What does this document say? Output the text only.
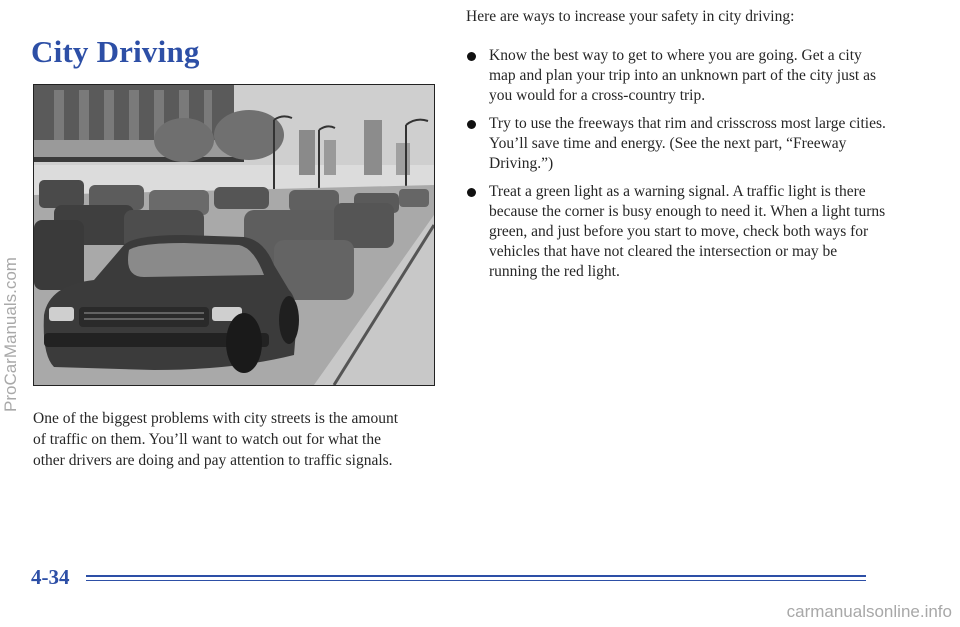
City Driving

One of the biggest problems with city streets is the amount of traffic on them. You’ll want to watch out for what the other drivers are doing and pay attention to traffic signals.

Here are ways to increase your safety in city driving:

Know the best way to get to where you are going. Get a city map and plan your trip into an unknown part of the city just as you would for a cross-country trip.
Try to use the freeways that rim and crisscross most large cities. You’ll save time and energy. (See the next part, “Freeway Driving.”)
Treat a green light as a warning signal. A traffic light is there because the corner is busy enough to need it. When a light turns green, and just before you start to move, check both ways for vehicles that have not cleared the intersection or may be running the red light.
4-34
ProCarManuals.com
carmanualsonline.info
